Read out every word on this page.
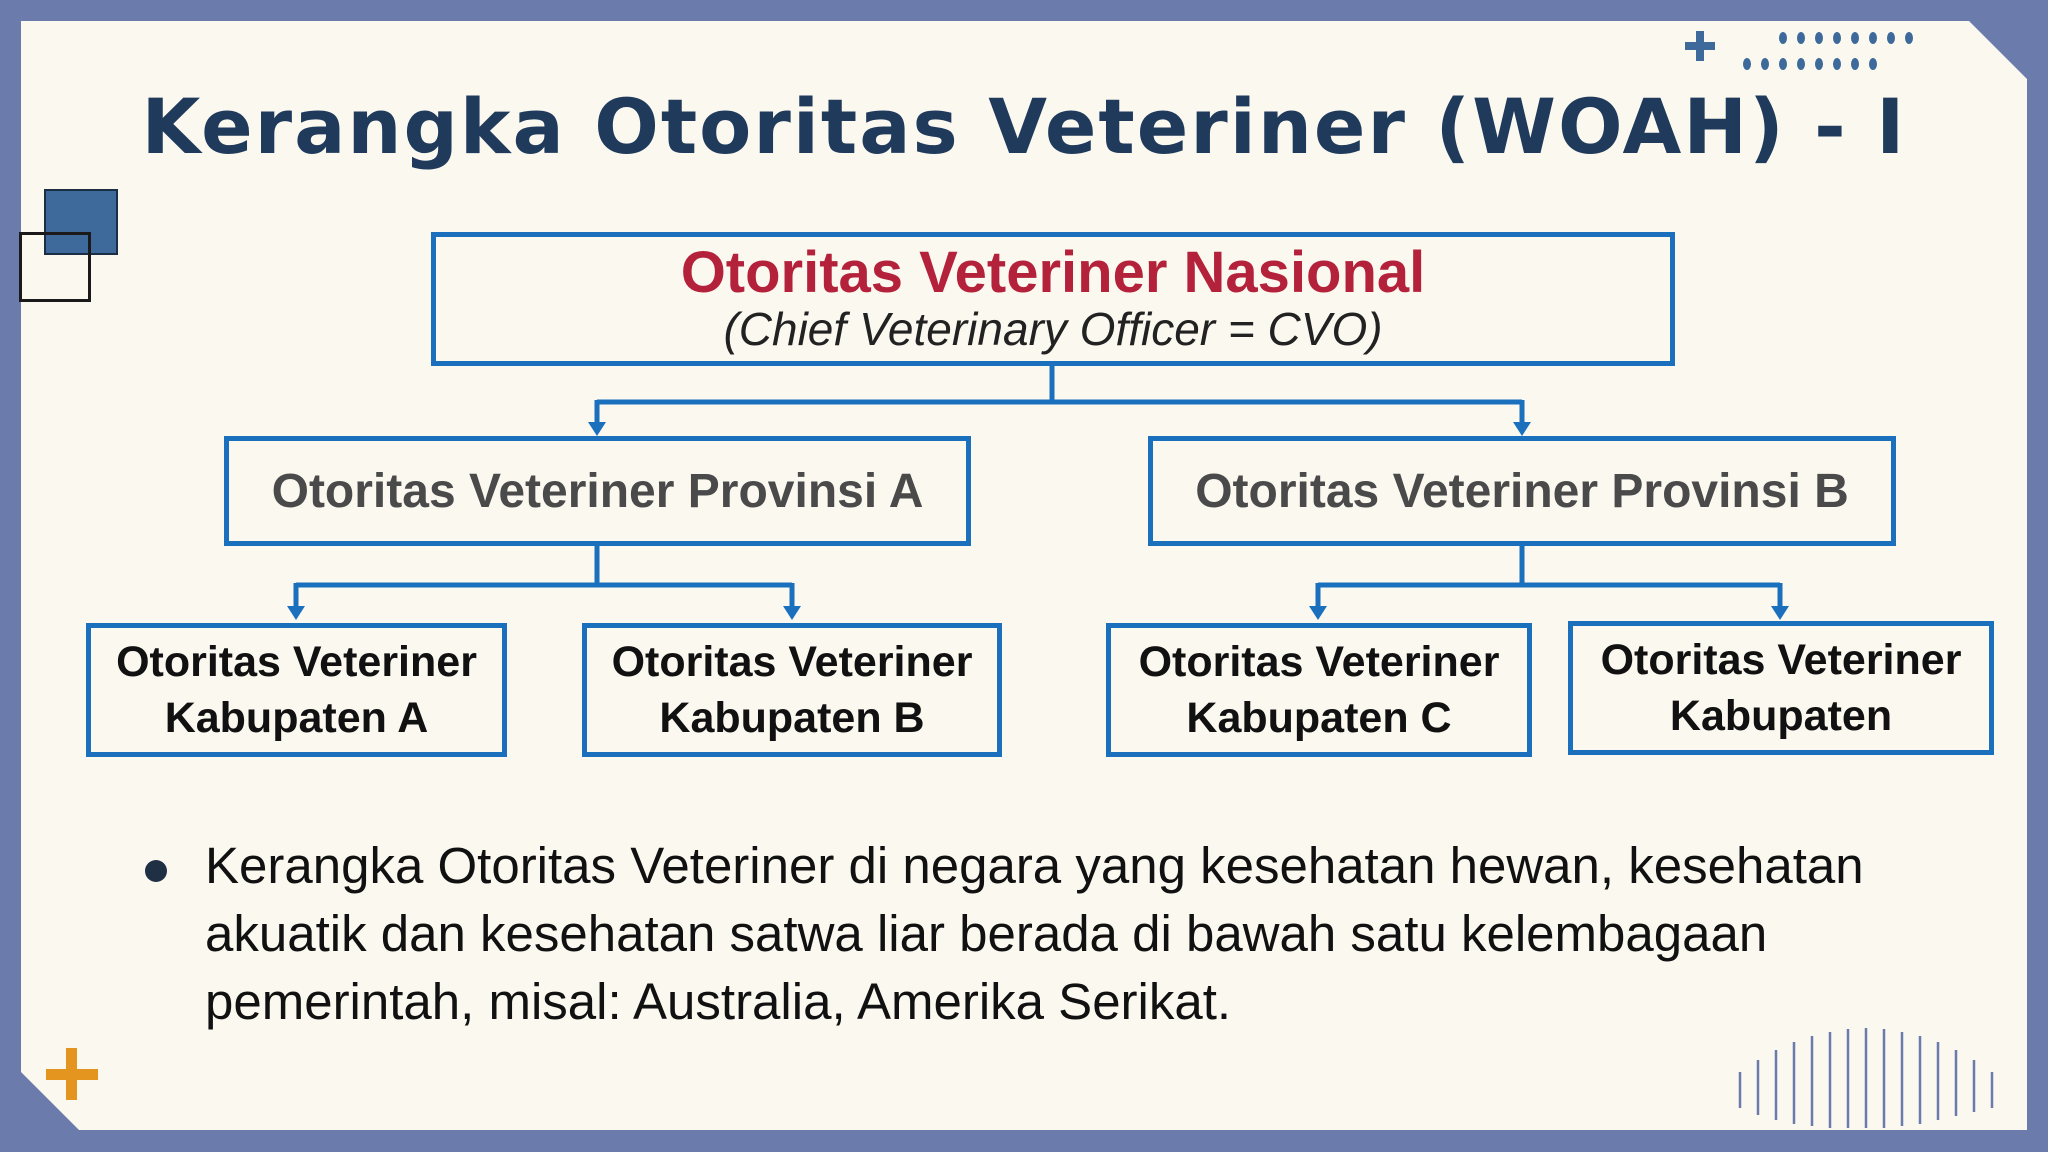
Kerangka Otoritas Veteriner (WOAH) - I
Otoritas Veteriner Nasional
(Chief Veterinary Officer = CVO)
Otoritas Veteriner Provinsi A	Otoritas Veteriner Provinsi B
Otoritas Veteriner
Kabupaten A
Otoritas Veteriner
Kabupaten B
Otoritas Veteriner
Kabupaten C
Otoritas Veteriner
Kabupaten
Kerangka Otoritas Veteriner di negara yang kesehatan hewan, kesehatan akuatik dan kesehatan satwa liar berada di bawah satu kelembagaan pemerintah, misal: Australia, Amerika Serikat.
